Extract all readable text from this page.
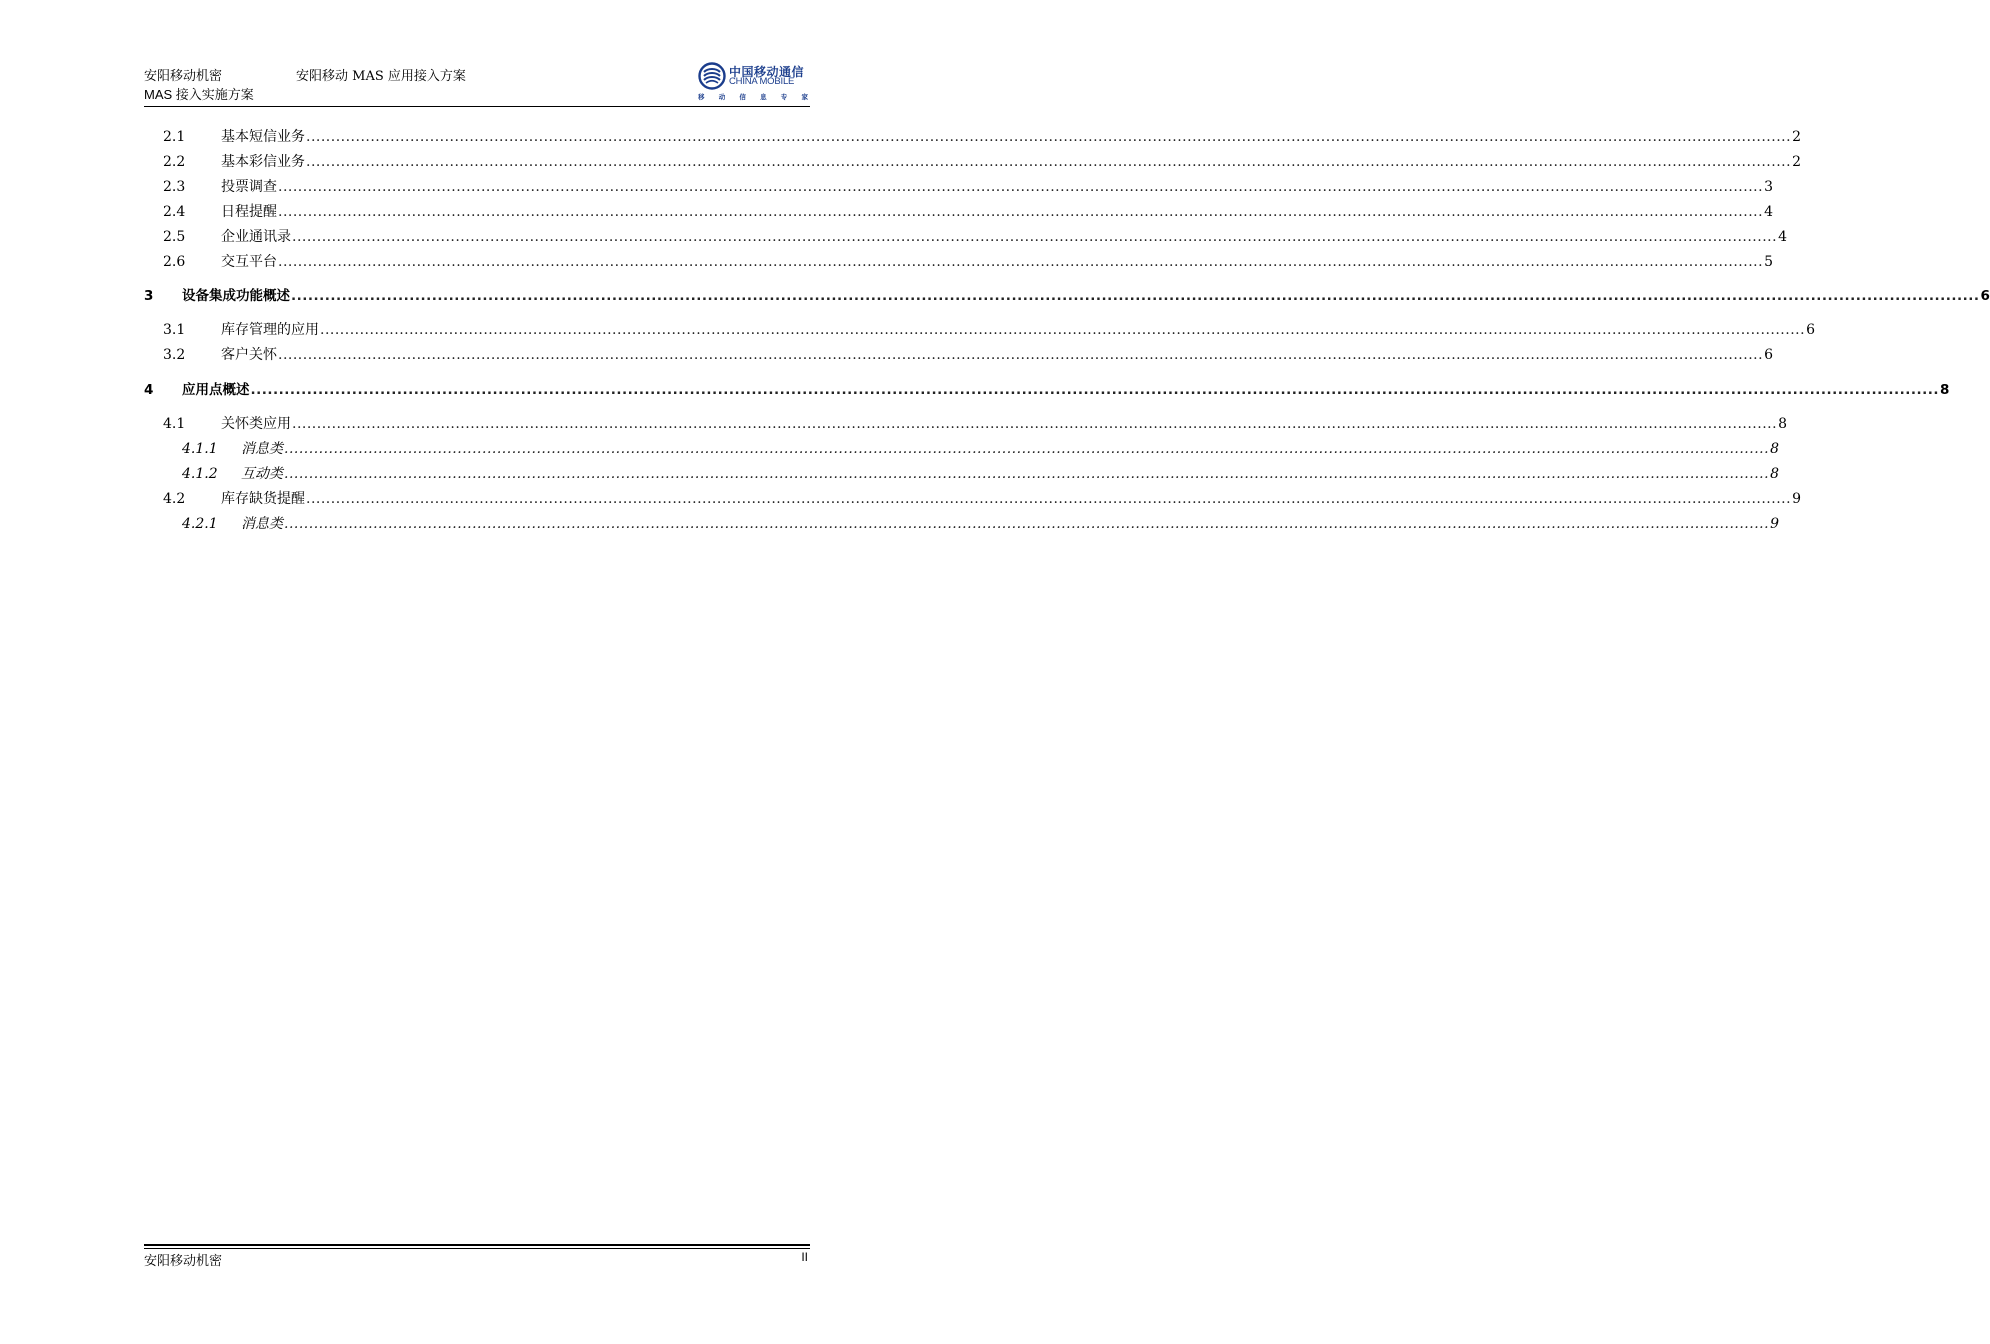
安阳移动机密
MAS 接入实施方案
安阳移动 MAS 应用接入方案	中国移动通信
CHINA MOBILE
移 动 信 息 专 家
2.1	基本短信业务 ............................................................................................................................................................................................................................................................................................................ 2
2.2	基本彩信业务 ............................................................................................................................................................................................................................................................................................................ 2
2.3	投票调查 ............................................................................................................................................................................................................................................................................................................ 3
2.4	日程提醒 ............................................................................................................................................................................................................................................................................................................ 4
2.5	企业通讯录 ............................................................................................................................................................................................................................................................................................................ 4
2.6	交互平台 ............................................................................................................................................................................................................................................................................................................ 5
3	设备集成功能概述 ............................................................................................................................................................................................................................................................................................................ 6
3.1	库存管理的应用 ............................................................................................................................................................................................................................................................................................................ 6
3.2	客户关怀 ............................................................................................................................................................................................................................................................................................................ 6
4	应用点概述 ............................................................................................................................................................................................................................................................................................................ 8
4.1	关怀类应用 ............................................................................................................................................................................................................................................................................................................ 8
4.1.1	消息类 ............................................................................................................................................................................................................................................................................................................ 8
4.1.2	互动类 ............................................................................................................................................................................................................................................................................................................ 8
4.2	库存缺货提醒 ............................................................................................................................................................................................................................................................................................................ 9
4.2.1	消息类 ............................................................................................................................................................................................................................................................................................................ 9
安阳移动机密	II
